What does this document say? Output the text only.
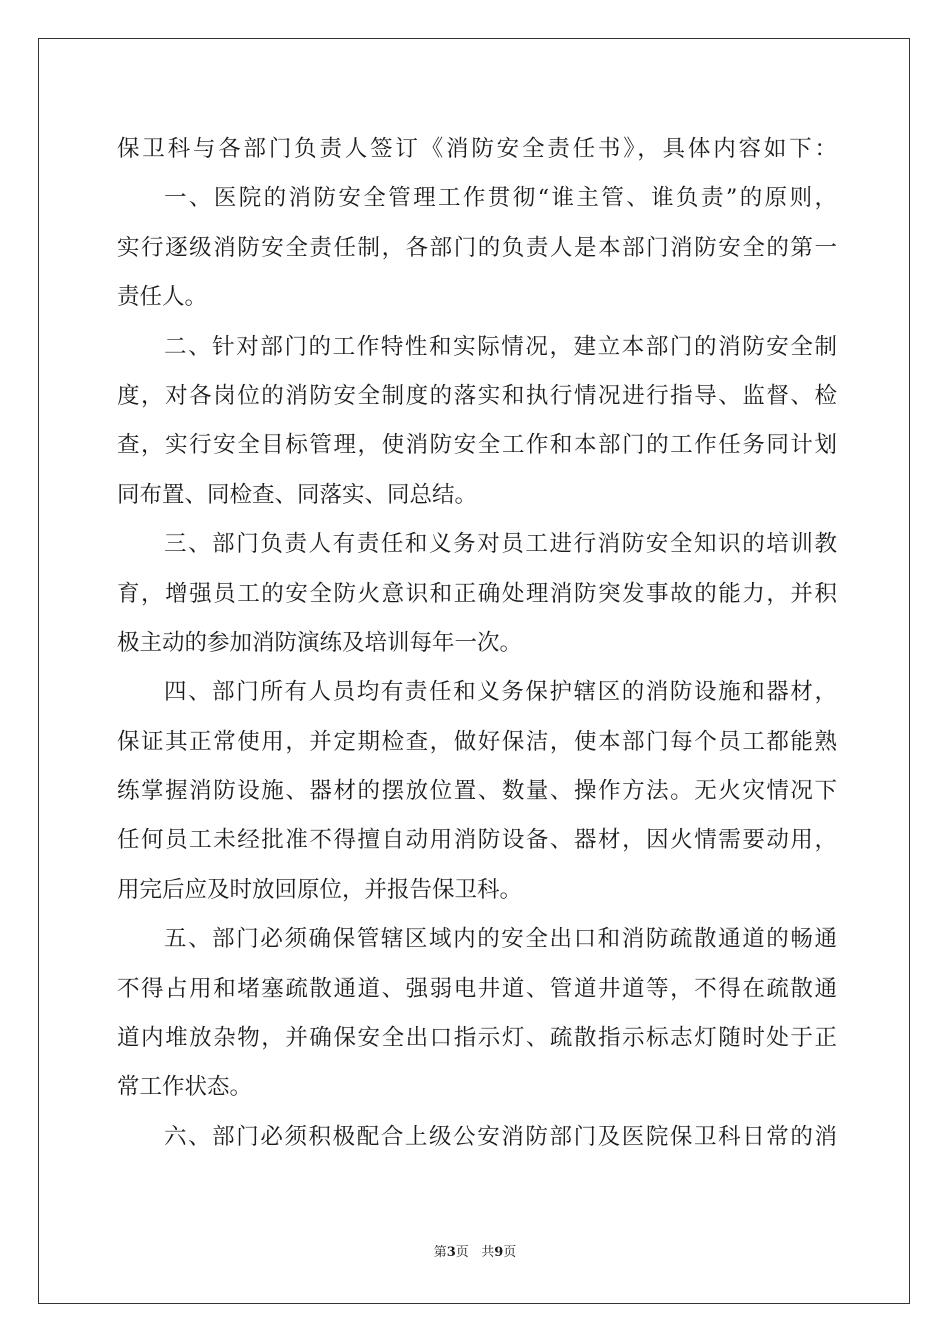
保卫科与各部门负责人签订《消防安全责任书》，具体内容如下：
一、医院的消防安全管理工作贯彻“谁主管、谁负责”的原则，
实行逐级消防安全责任制，各部门的负责人是本部门消防安全的第一
责任人。
二、针对部门的工作特性和实际情况，建立本部门的消防安全制
度，对各岗位的消防安全制度的落实和执行情况进行指导、监督、检
查，实行安全目标管理，使消防安全工作和本部门的工作任务同计划
同布置、同检查、同落实、同总结。
三、部门负责人有责任和义务对员工进行消防安全知识的培训教
育，增强员工的安全防火意识和正确处理消防突发事故的能力，并积
极主动的参加消防演练及培训每年一次。
四、部门所有人员均有责任和义务保护辖区的消防设施和器材，
保证其正常使用，并定期检查，做好保洁，使本部门每个员工都能熟
练掌握消防设施、器材的摆放位置、数量、操作方法。无火灾情况下
任何员工未经批准不得擅自动用消防设备、器材，因火情需要动用，
用完后应及时放回原位，并报告保卫科。
五、部门必须确保管辖区域内的安全出口和消防疏散通道的畅通
不得占用和堵塞疏散通道、强弱电井道、管道井道等，不得在疏散通
道内堆放杂物，并确保安全出口指示灯、疏散指示标志灯随时处于正
常工作状态。
六、部门必须积极配合上级公安消防部门及医院保卫科日常的消
第3页 共9页
